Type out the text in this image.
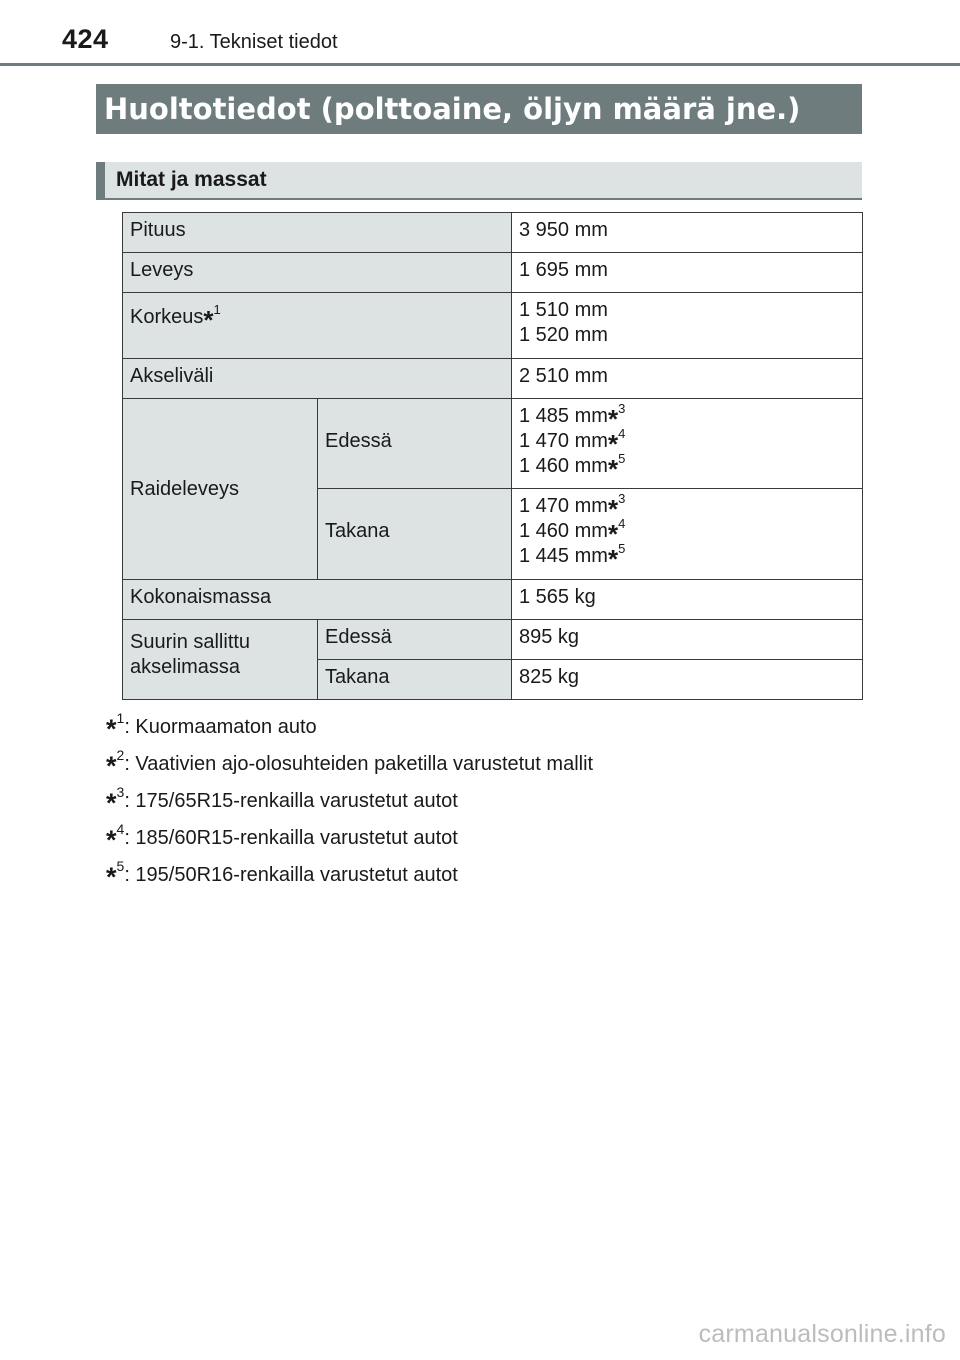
424	9-1. Tekniset tiedot
Huoltotiedot (polttoaine, öljyn määrä jne.)
Mitat ja massat
Pituus		3 950 mm
Leveys		1 695 mm
Korkeus*$^1$		1 510 mm
1 520 mm

Akseliväli		2 510 mm
Raideleveys	Edessä	1 485 mm*$^3$
1 470 mm*$^4$
1 460 mm*$^5$

	Takana	1 470 mm*$^3$
1 460 mm*$^4$
1 445 mm*$^5$

Kokonaismassa		1 565 kg

Suurin sallittu
akselimassa	Edessä	895 kg
	Takana	825 kg
*$^1$: Kuormaamaton auto
*$^2$: Vaativien ajo-olosuhteiden paketilla varustetut mallit
*$^3$: 175/65R15-renkailla varustetut autot
*$^4$: 185/60R15-renkailla varustetut autot
*$^5$: 195/50R16-renkailla varustetut autot
carmanualsonline.info
